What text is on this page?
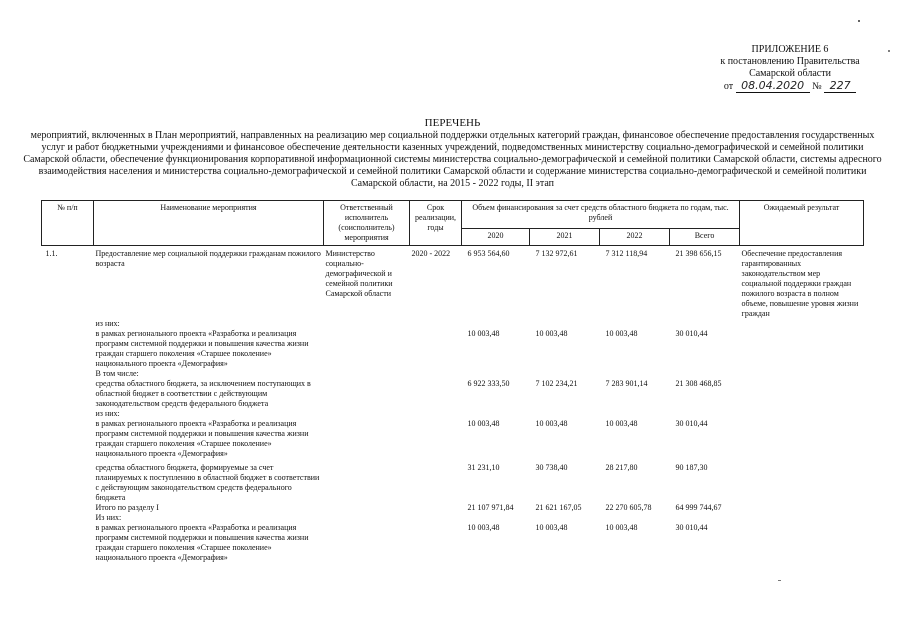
ПРИЛОЖЕНИЕ 6
к постановлению Правительства
Самарской области
от 08.04.2020 № 227
ПЕРЕЧЕНЬ
мероприятий, включенных в План мероприятий, направленных на реализацию мер социальной поддержки отдельных категорий граждан, финансовое обеспечение предоставления государственных услуг и работ бюджетными учреждениями и финансовое обеспечение деятельности казенных учреждений, подведомственных министерству социально-демографической и семейной политики Самарской области, обеспечение функционирования корпоративной информационной системы министерства социально-демографической и семейной политики Самарской области, системы адресного взаимодействия населения и министерства социально-демографической и семейной политики Самарской области и содержание министерства социально-демографической и семейной политики Самарской области, на 2015 - 2022 годы, II этап
№ п/п	Наименование мероприятия	Ответственный исполнитель (соисполнитель) мероприятия	Срок реализации, годы	Объем финансирования за счет средств областного бюджета по годам, тыс. рублей				Ожидаемый результат
				2020	2021	2022	Всего	
1.1.	Предоставление мер социальной поддержки гражданам пожилого возраста	Министерство социально-демографической и семейной политики Самарской области	2020 - 2022	6 953 564,60	7 132 972,61	7 312 118,94	21 398 656,15	Обеспечение предоставления гарантированных законодательством мер социальной поддержки граждан пожилого возраста в полном объеме, повышение уровня жизни граждан
	из них:							
	в рамках регионального проекта «Разработка и реализация программ системной поддержки и повышения качества жизни граждан старшего поколения «Старшее поколение» национального проекта «Демография»			10 003,48	10 003,48	10 003,48	30 010,44	
	В том числе:							
	средства областного бюджета, за исключением поступающих в областной бюджет в соответствии с действующим законодательством средств федерального бюджета			6 922 333,50	7 102 234,21	7 283 901,14	21 308 468,85	
	из них:							
	в рамках регионального проекта «Разработка и реализация программ системной поддержки и повышения качества жизни граждан старшего поколения «Старшее поколение» национального проекта «Демография»			10 003,48	10 003,48	10 003,48	30 010,44	

	средства областного бюджета, формируемые за счет планируемых к поступлению в областной бюджет в соответствии с действующим законодательством средств федерального бюджета			31 231,10	30 738,40	28 217,80	90 187,30	
	Итого по разделу I			21 107 971,84	21 621 167,05	22 270 605,78	64 999 744,67	
	Из них:							
	в рамках регионального проекта «Разработка и реализация программ системной поддержки и повышения качества жизни граждан старшего поколения «Старшее поколение» национального проекта «Демография»			10 003,48	10 003,48	10 003,48	30 010,44	
